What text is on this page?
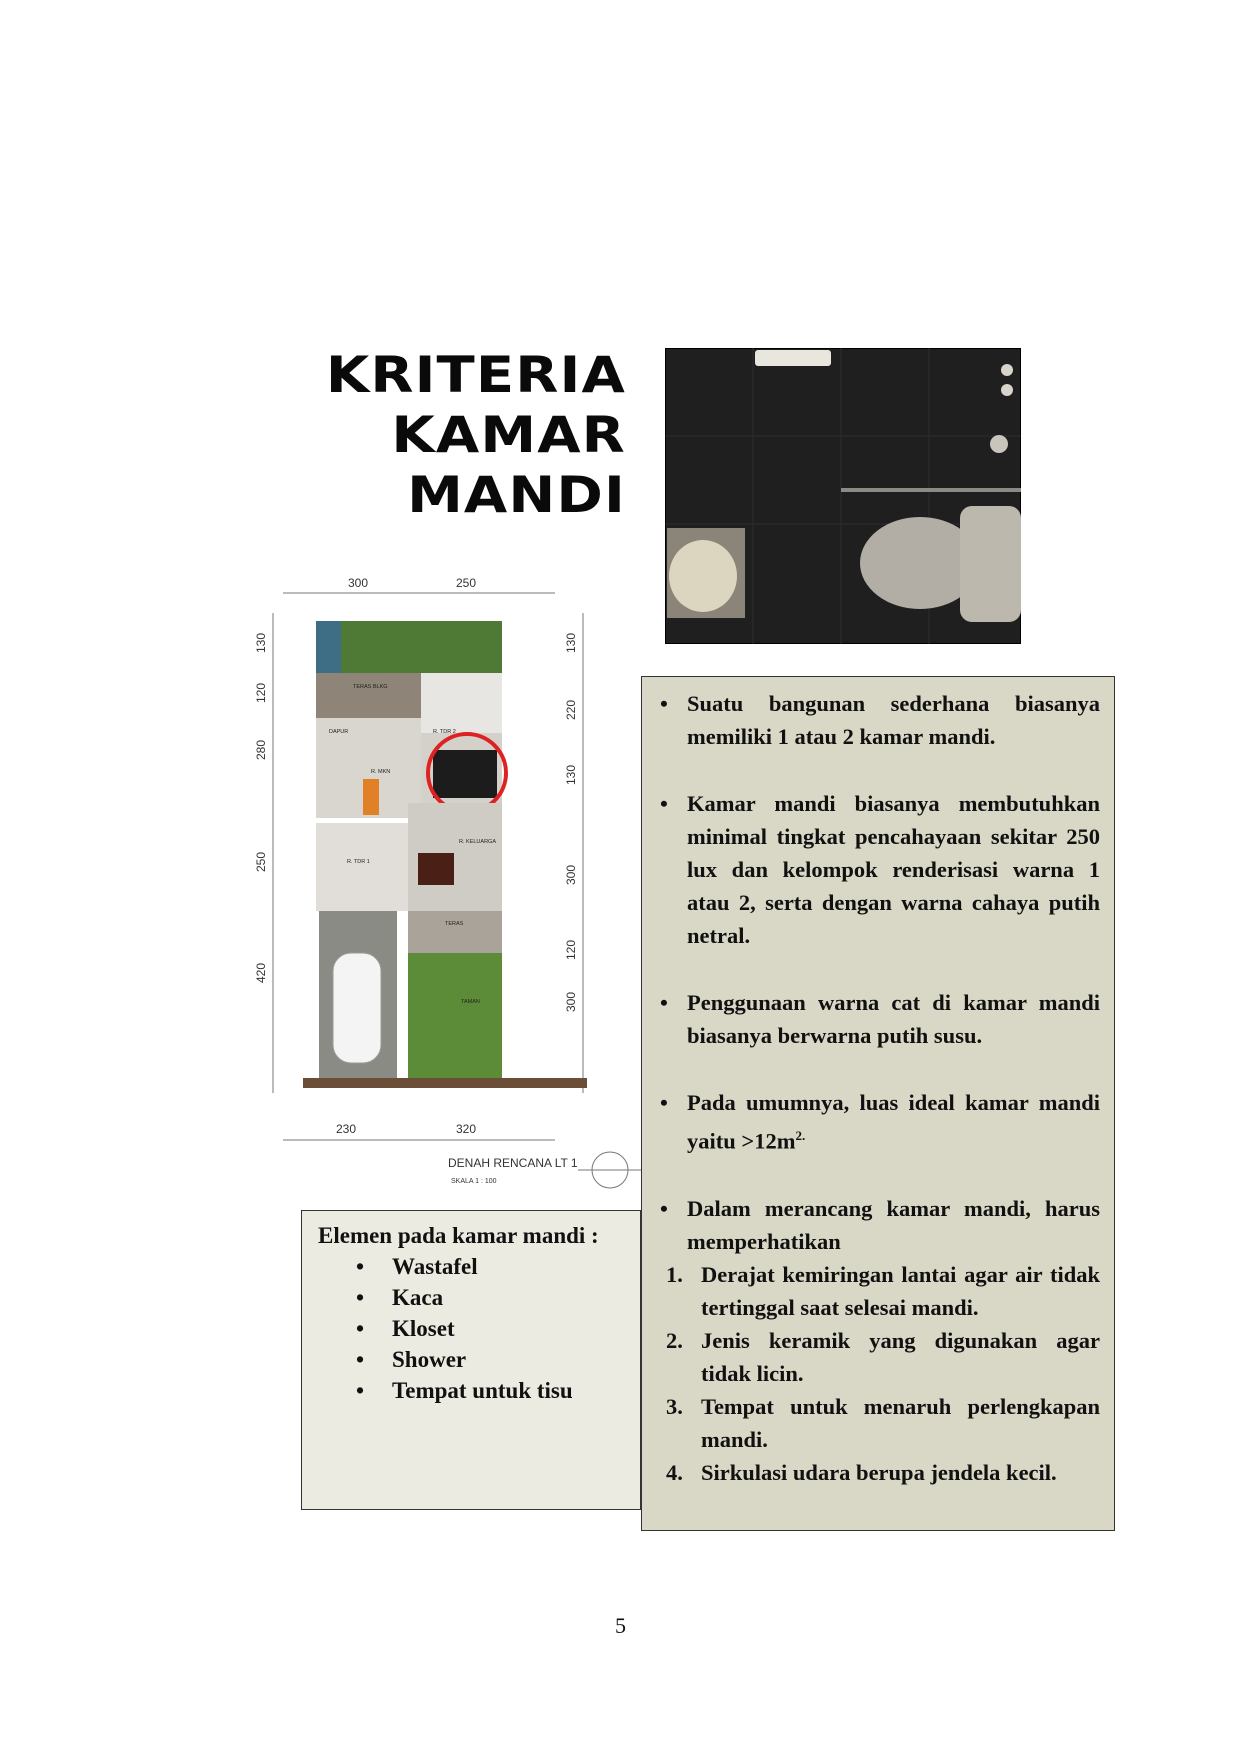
KRITERIA
KAMAR
MANDI
300	250
230	320
130
120
280
250
420
130
220
130
300
120
300
TERAS BLKG
DAPUR	R. TDR 2
R. MKN
R. KELUARGA
R. TDR 1
TERAS
TAMAN
DENAH RENCANA LT 1
SKALA 1 : 100
Elemen pada kamar mandi :
• Wastafel
• Kaca
• Kloset
• Shower
• Tempat untuk tisu
• Suatu bangunan sederhana biasanya memiliki 1 atau 2 kamar mandi.
• Kamar mandi biasanya membutuhkan minimal tingkat pencahayaan sekitar 250 lux dan kelompok renderisasi warna 1 atau 2, serta dengan warna cahaya putih netral.
• Penggunaan warna cat di kamar mandi biasanya berwarna putih susu.
• Pada umumnya, luas ideal kamar mandi yaitu $>12m^{2.}$
• Dalam merancang kamar mandi, harus memperhatikan
1. Derajat kemiringan lantai agar air tidak tertinggal saat selesai mandi.
2. Jenis keramik yang digunakan agar tidak licin.
3. Tempat untuk menaruh perlengkapan mandi.
4. Sirkulasi udara berupa jendela kecil.
5
